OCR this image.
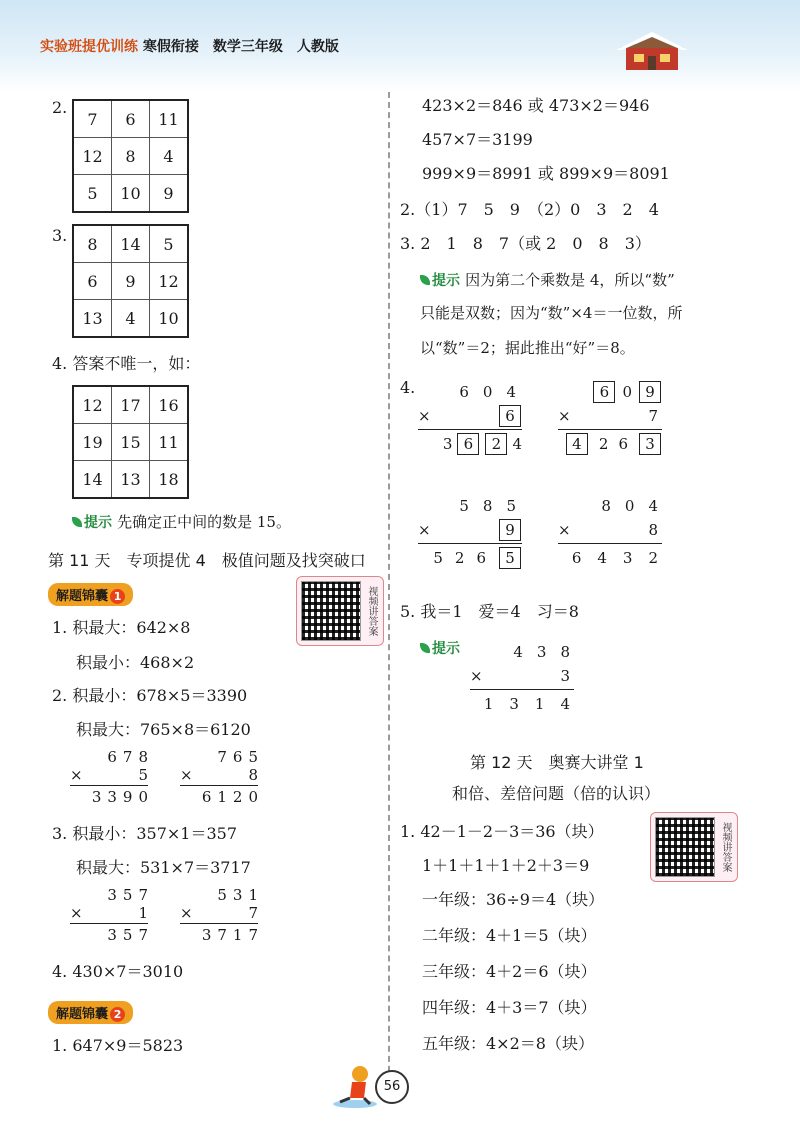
实验班提优训练 寒假衔接　数学三年级　人教版
2.
7	6	11
12	8	4
5	10	9
3. 8	14	5
6	9	12
13	4	10
4. 答案不唯一，如：
12	17	16
19	15	11
14	13	18
提示 先确定正中间的数是 15。
第 11 天　专项提优 4　极值问题及找突破口
解题锦囊 1	视频讲答案
1. 积最大：642×8
积最小：468×2
2. 积最小：678×5＝3390
积最大：765×8＝6120
6 7 8
×	5
3 3 9 0
7 6 5
×	8
6 1 2 0
3. 积最小：357×1＝357
积最大：531×7＝3717
3 5 7
×	1
3 5 7
5 3 1
×	7
3 7 1 7
4. 430×7＝3010
解题锦囊 2
1. 647×9＝5823
423×2＝846 或 473×2＝946
457×7＝3199
999×9＝8991 或 899×9＝8091
2.（1）7　5　9　（2）0　3　2　4
3. 2　1　8　7（或 2　0　8　3）
提示 因为第二个乘数是 4，所以“数”
只能是双数；因为“数”×4＝一位数，所
以“数”＝2；据此推出“好”＝8。
4.	6 0 4
×	6
3 6	2 4
6 0 9
×	7
4	2 6	3
5 8 5
×	9
5 2 6	5
8 0 4
×	8
6 4 3 2
5. 我＝1　爱＝4　习＝8
提示	4 3 8
×	3
1 3 1 4
第 12 天　奥赛大讲堂 1
和倍、差倍问题（倍的认识）
视频讲答案
1. 42－1－2－3＝36（块）
1＋1＋1＋1＋2＋3＝9
一年级：36÷9＝4（块）
二年级：4＋1＝5（块）
三年级：4＋2＝6（块）
四年级：4＋3＝7（块）
五年级：4×2＝8（块）
56
